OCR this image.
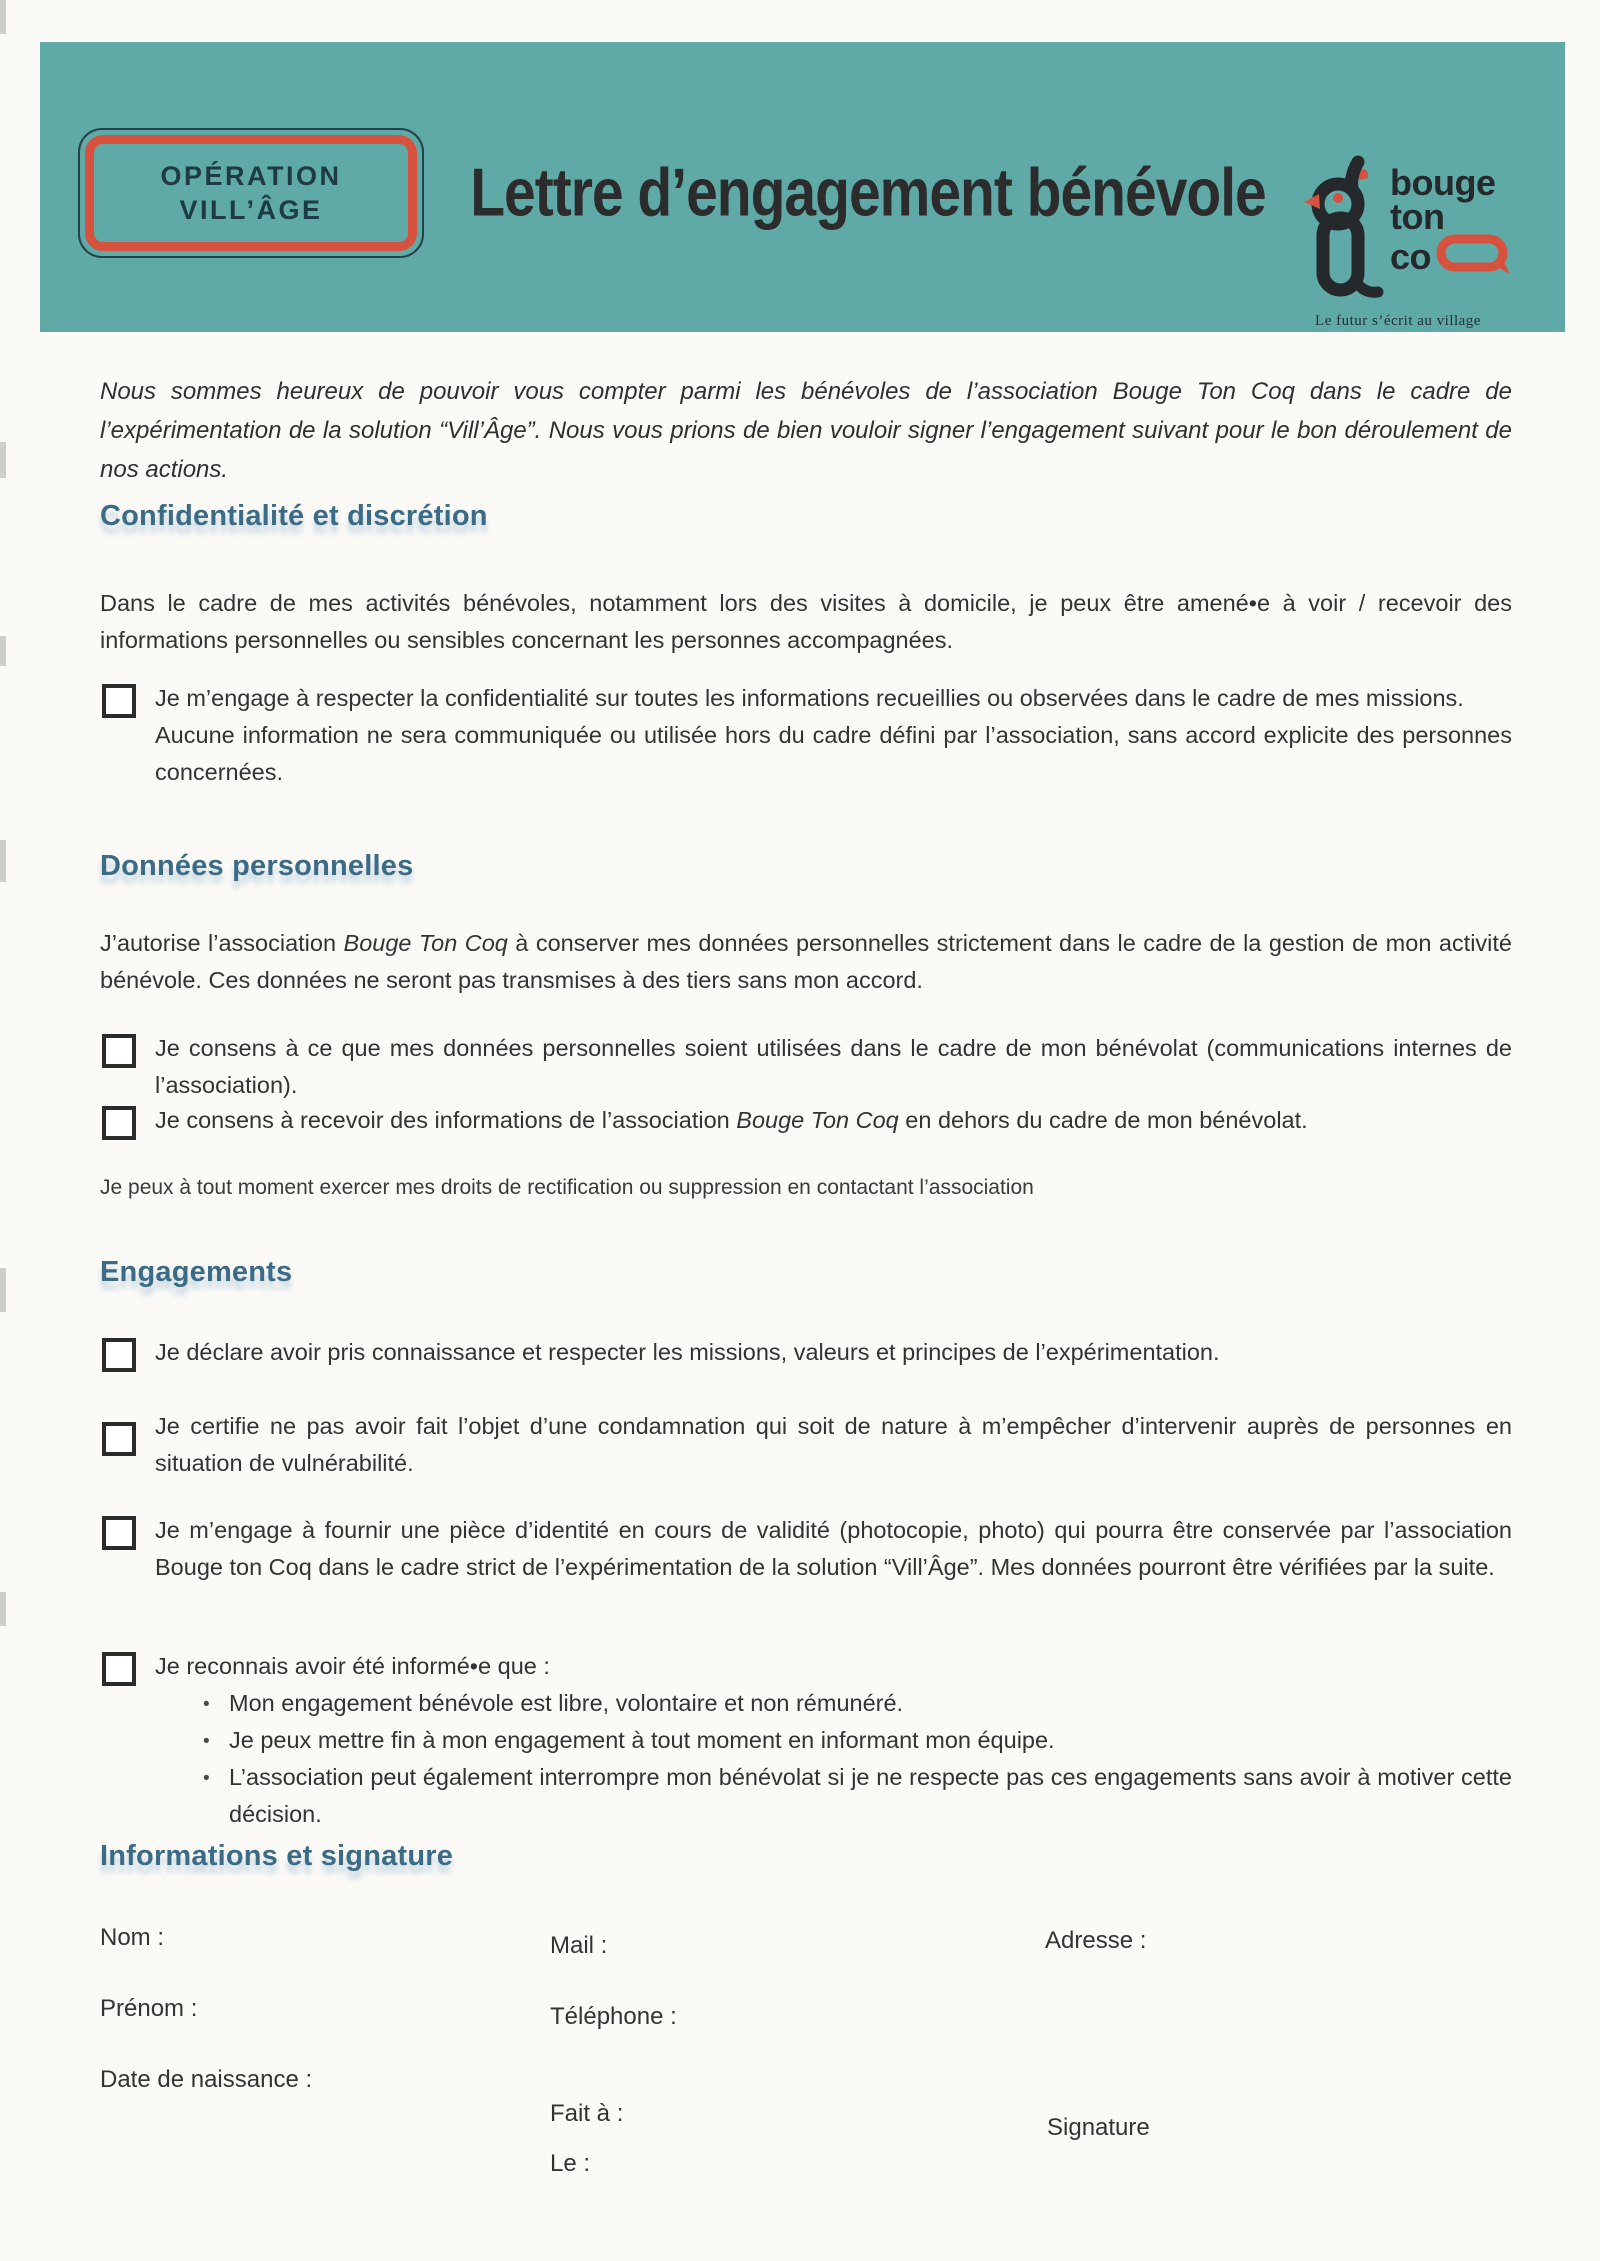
OPÉRATION
VILL’ÂGE	Lettre d’engagement bénévole	bouge
ton
co
Le futur s’écrit au village
Nous sommes heureux de pouvoir vous compter parmi les bénévoles de l’association Bouge Ton Coq dans le cadre de l’expérimentation de la solution “Vill’Âge”. Nous vous prions de bien vouloir signer l’engagement suivant pour le bon déroulement de nos actions.
Confidentialité et discrétion
Dans le cadre de mes activités bénévoles, notamment lors des visites à domicile, je peux être amené•e à voir / recevoir des informations personnelles ou sensibles concernant les personnes accompagnées.
Je m’engage à respecter la confidentialité sur toutes les informations recueillies ou observées dans le cadre de mes missions.
Aucune information ne sera communiquée ou utilisée hors du cadre défini par l’association, sans accord explicite des personnes concernées.
Données personnelles
J’autorise l’association Bouge Ton Coq à conserver mes données personnelles strictement dans le cadre de la gestion de mon activité bénévole. Ces données ne seront pas transmises à des tiers sans mon accord.
Je consens à ce que mes données personnelles soient utilisées dans le cadre de mon bénévolat (communications internes de l’association).
Je consens à recevoir des informations de l’association Bouge Ton Coq en dehors du cadre de mon bénévolat.
Je peux à tout moment exercer mes droits de rectification ou suppression en contactant l’association
Engagements
Je déclare avoir pris connaissance et respecter les missions, valeurs et principes de l’expérimentation.
Je certifie ne pas avoir fait l’objet d’une condamnation qui soit de nature à m’empêcher d’intervenir auprès de personnes en situation de vulnérabilité.
Je m’engage à fournir une pièce d’identité en cours de validité (photocopie, photo) qui pourra être conservée par l’association Bouge ton Coq dans le cadre strict de l’expérimentation de la solution “Vill’Âge”. Mes données pourront être vérifiées par la suite.
Je reconnais avoir été informé•e que :
• Mon engagement bénévole est libre, volontaire et non rémunéré.
• Je peux mettre fin à mon engagement à tout moment en informant mon équipe.
• L’association peut également interrompre mon bénévolat si je ne respecte pas ces engagements sans avoir à motiver cette décision.
Informations et signature
Nom :	Mail :	Adresse :
Prénom :	Téléphone :
Date de naissance :
Fait à :
Signature
Le :
